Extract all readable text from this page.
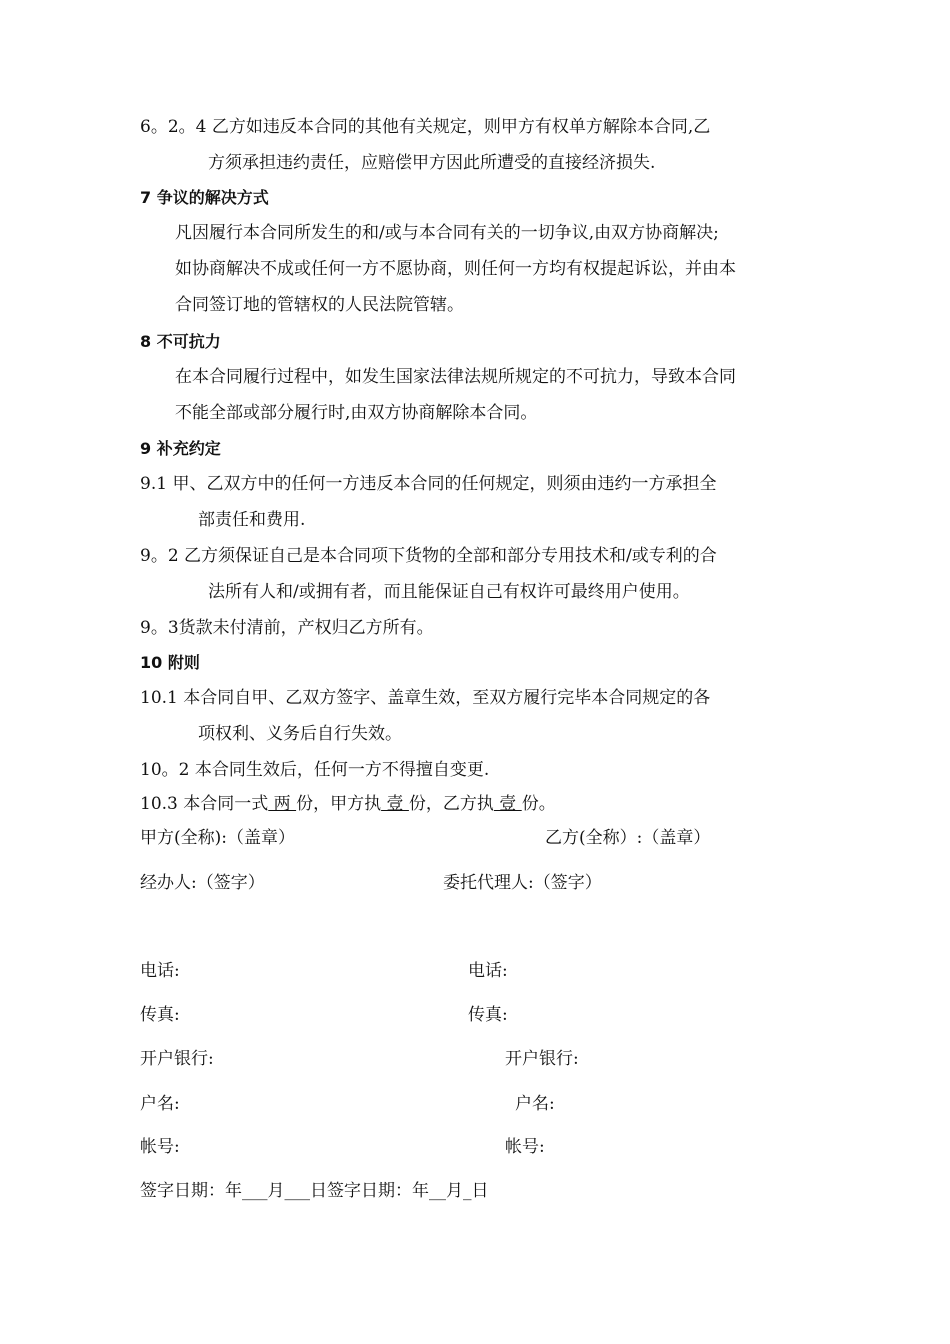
6。2。4 乙方如违反本合同的其他有关规定，则甲方有权单方解除本合同,乙
方须承担违约责任，应赔偿甲方因此所遭受的直接经济损失.
7 争议的解决方式
凡因履行本合同所发生的和/或与本合同有关的一切争议,由双方协商解决;
如协商解决不成或任何一方不愿协商，则任何一方均有权提起诉讼，并由本
合同签订地的管辖权的人民法院管辖。
8 不可抗力
在本合同履行过程中，如发生国家法律法规所规定的不可抗力，导致本合同
不能全部或部分履行时,由双方协商解除本合同。
9 补充约定
9.1 甲、乙双方中的任何一方违反本合同的任何规定，则须由违约一方承担全
部责任和费用.
9。2 乙方须保证自己是本合同项下货物的全部和部分专用技术和/或专利的合
法所有人和/或拥有者，而且能保证自己有权许可最终用户使用。
9。3货款未付清前，产权归乙方所有。
10 附则
10.1 本合同自甲、乙双方签字、盖章生效，至双方履行完毕本合同规定的各
项权利、义务后自行失效。
10。2 本合同生效后，任何一方不得擅自变更.
10.3 本合同一式 两 份，甲方执 壹 份，乙方执 壹 份。
甲方(全称):（盖章）	乙方(全称）:（盖章）
经办人:（签字）	委托代理人:（签字）
电话:	电话:
传真:	传真:
开户银行:	开户银行:
户名:	户名:
帐号:	帐号:
签字日期：年___月___日签字日期：年__月_日
